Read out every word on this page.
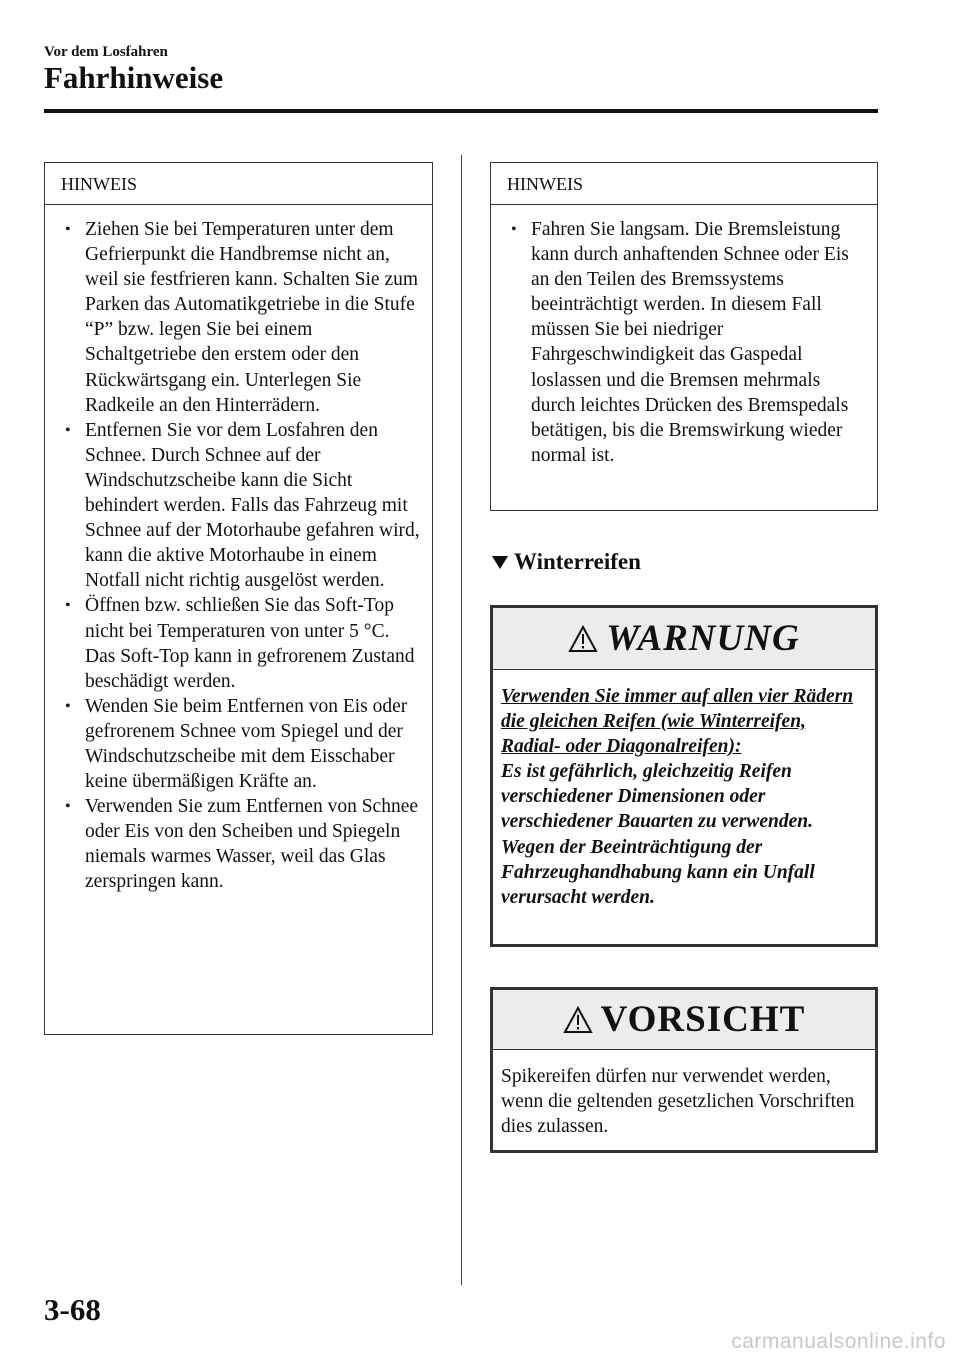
Vor dem Losfahren
Fahrhinweise
HINWEIS
• Ziehen Sie bei Temperaturen unter dem Gefrierpunkt die Handbremse nicht an, weil sie festfrieren kann. Schalten Sie zum Parken das Automatikgetriebe in die Stufe “P” bzw. legen Sie bei einem Schaltgetriebe den erstem oder den Rückwärtsgang ein. Unterlegen Sie Radkeile an den Hinterrädern.
• Entfernen Sie vor dem Losfahren den Schnee. Durch Schnee auf der Windschutzscheibe kann die Sicht behindert werden. Falls das Fahrzeug mit Schnee auf der Motorhaube gefahren wird, kann die aktive Motorhaube in einem Notfall nicht richtig ausgelöst werden.
• Öffnen bzw. schließen Sie das Soft-Top nicht bei Temperaturen von unter 5 °C. Das Soft-Top kann in gefrorenem Zustand beschädigt werden.
• Wenden Sie beim Entfernen von Eis oder gefrorenem Schnee vom Spiegel und der Windschutzscheibe mit dem Eisschaber keine übermäßigen Kräfte an.
• Verwenden Sie zum Entfernen von Schnee oder Eis von den Scheiben und Spiegeln niemals warmes Wasser, weil das Glas zerspringen kann.
HINWEIS
• Fahren Sie langsam. Die Bremsleistung kann durch anhaftenden Schnee oder Eis an den Teilen des Bremssystems beeinträchtigt werden. In diesem Fall müssen Sie bei niedriger Fahrgeschwindigkeit das Gaspedal loslassen und die Bremsen mehrmals durch leichtes Drücken des Bremspedals betätigen, bis die Bremswirkung wieder normal ist.
Winterreifen
WARNUNG
Verwenden Sie immer auf allen vier Rädern die gleichen Reifen (wie Winterreifen, Radial- oder Diagonalreifen):
Es ist gefährlich, gleichzeitig Reifen verschiedener Dimensionen oder verschiedener Bauarten zu verwenden. Wegen der Beeinträchtigung der Fahrzeughandhabung kann ein Unfall verursacht werden.
VORSICHT
Spikereifen dürfen nur verwendet werden, wenn die geltenden gesetzlichen Vorschriften dies zulassen.
3-68
carmanualsonline.info
